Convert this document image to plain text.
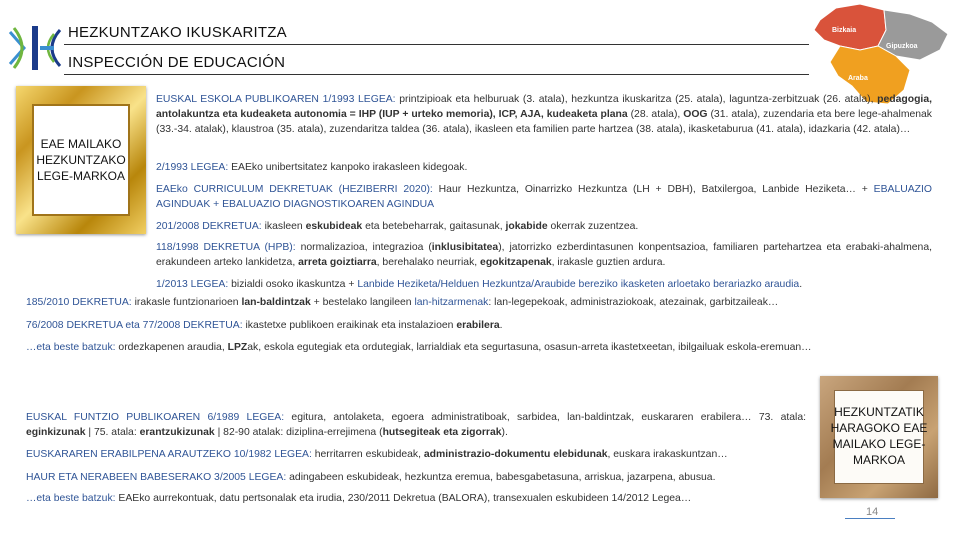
HEZKUNTZAKO IKUSKARITZA
INSPECCIÓN DE EDUCACIÓN
Bizkaia
Gipuzkoa
Araba
EAE MAILAKO HEZKUNTZAKO LEGE-MARKOA
EUSKAL ESKOLA PUBLIKOAREN 1/1993 LEGEA: printzipioak eta helburuak (3. atala), hezkuntza ikuskaritza (25. atala), laguntza-zerbitzuak (26. atala), pedagogia, antolakuntza eta kudeaketa autonomia = IHP (IUP + urteko memoria), ICP, AJA, kudeaketa plana (28. atala), OOG (31. atala), zuzendaria eta bere lege-ahalmenak (33.-34. atalak), klaustroa (35. atala), zuzendaritza taldea (36. atala), ikasleen eta familien parte hartzea (38. atala), ikasketaburua (41. atala), idazkaria (42. atala)…
2/1993 LEGEA: EAEko unibertsitatez kanpoko irakasleen kidegoak.
EAEko CURRICULUM DEKRETUAK (HEZIBERRI 2020): Haur Hezkuntza, Oinarrizko Hezkuntza (LH + DBH), Batxilergoa, Lanbide Heziketa… + EBALUAZIO AGINDUAK + EBALUAZIO DIAGNOSTIKOAREN AGINDUA
201/2008 DEKRETUA: ikasleen eskubideak eta betebeharrak, gaitasunak, jokabide okerrak zuzentzea.
118/1998 DEKRETUA (HPB): normalizazioa, integrazioa (inklusibitatea), jatorrizko ezberdintasunen konpentsazioa, familiaren partehartzea eta erabaki-ahalmena, erakundeen arteko lankidetza, arreta goiztiarra, berehalako neurriak, egokitzapenak, irakasle guztien ardura.
1/2013 LEGEA: bizialdi osoko ikaskuntza + Lanbide Heziketa/Helduen Hezkuntza/Araubide bereziko ikasketen arloetako berariazko araudia.
185/2010 DEKRETUA: irakasle funtzionarioen lan-baldintzak + bestelako langileen lan-hitzarmenak: lan-legepekoak, administraziokoak, atezainak, garbitzaileak…
76/2008 DEKRETUA eta 77/2008 DEKRETUA: ikastetxe publikoen eraikinak eta instalazioen erabilera.
…eta beste batzuk: ordezkapenen araudia, LPZak, eskola egutegiak eta ordutegiak, larrialdiak eta segurtasuna, osasun-arreta ikastetxeetan, ibilgailuak eskola-eremuan…
EUSKAL FUNTZIO PUBLIKOAREN 6/1989 LEGEA: egitura, antolaketa, egoera administratiboak, sarbidea, lan-baldintzak, euskararen erabilera… 73. atala: eginkizunak | 75. atala: erantzukizunak | 82-90 atalak: diziplina-errejimena (hutsegiteak eta zigorrak).
EUSKARAREN ERABILPENA ARAUTZEKO 10/1982 LEGEA: herritarren eskubideak, administrazio-dokumentu elebidunak, euskara irakaskuntzan…
HAUR ETA NERABEEN BABESERAKO 3/2005 LEGEA: adingabeen eskubideak, hezkuntza eremua, babesgabetasuna, arriskua, jazarpena, abusua.
…eta beste batzuk: EAEko aurrekontuak, datu pertsonalak eta irudia, 230/2011 Dekretua (BALORA), transexualen eskubideen 14/2012 Legea…
HEZKUNTZATIK HARAGOKO EAE MAILAKO LEGE-MARKOA
14
